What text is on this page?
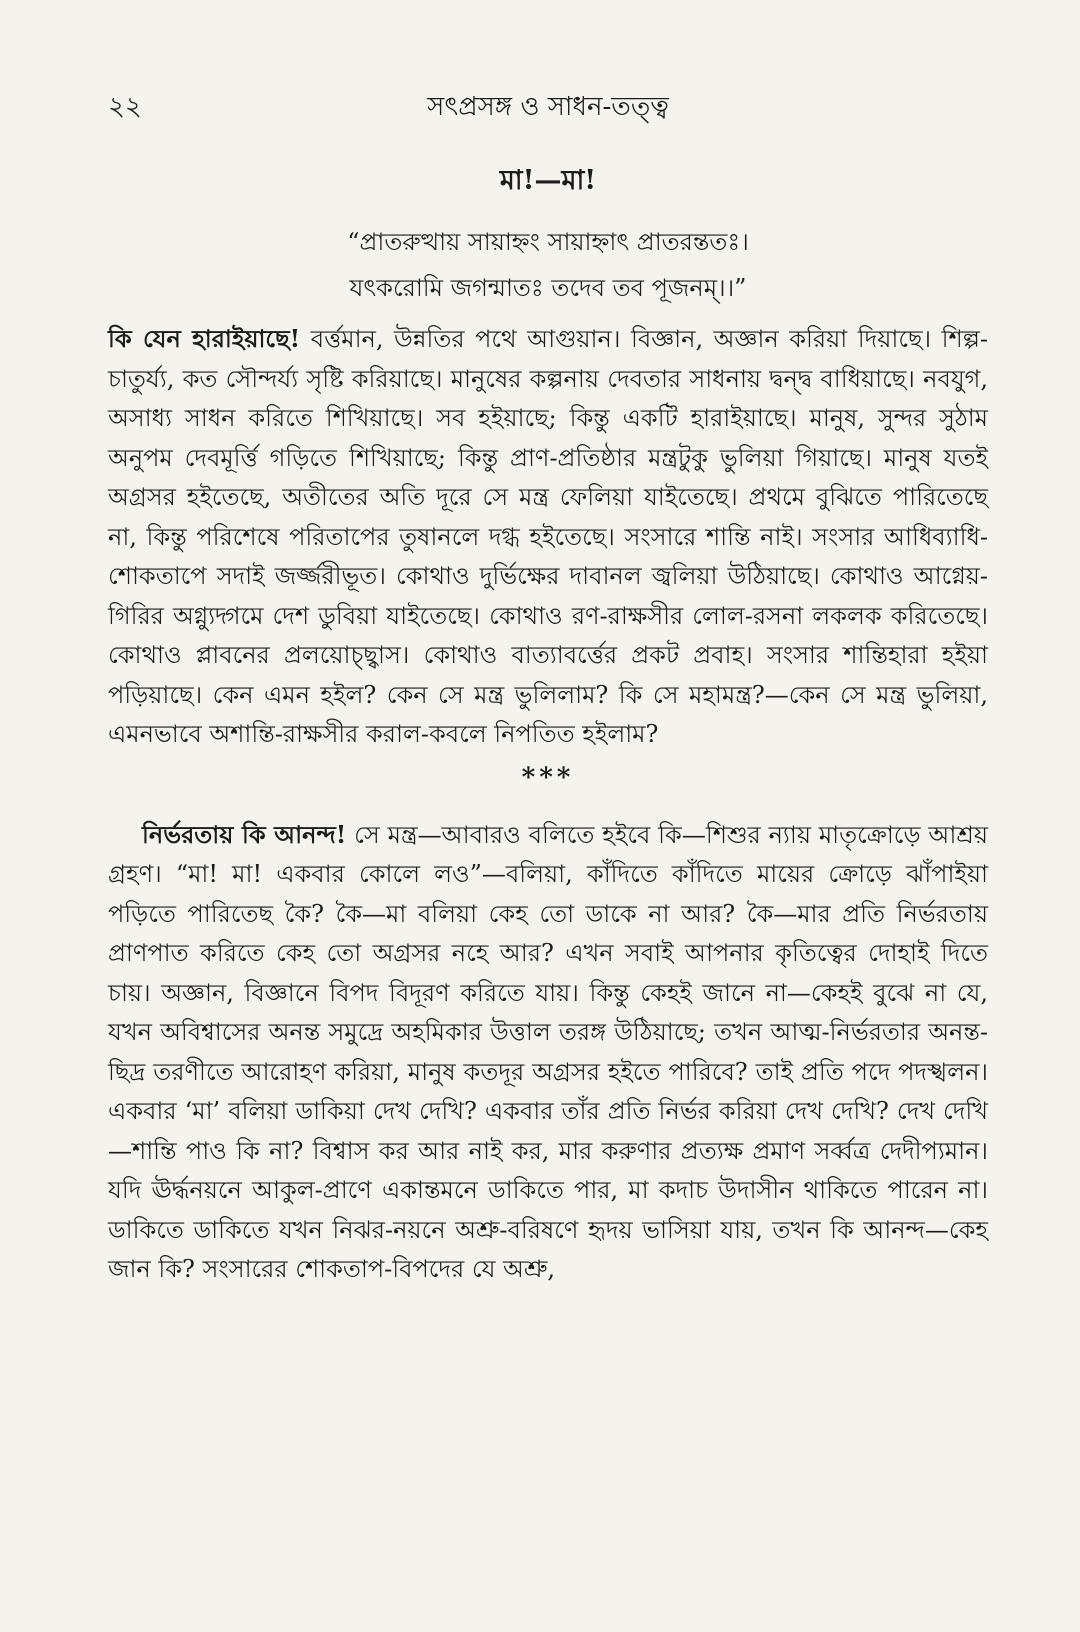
২২	সৎপ্রসঙ্গ ও সাধন-তত্ত্ব
মা!—মা!
“প্রাতরুত্থায় সায়াহ্নং সায়াহ্নাৎ প্রাতরন্ততঃ।
যৎকরোমি জগন্মাতঃ তদেব তব পূজনম্।।”

কি যেন হারাইয়াছে! বর্ত্তমান, উন্নতির পথে আগুয়ান। বিজ্ঞান, অজ্ঞান করিয়া দিয়াছে। শিল্প-চাতুর্য্য, কত সৌন্দর্য্য সৃষ্টি করিয়াছে। মানুষের কল্পনায় দেবতার সাধনায় দ্বন্দ্ব বাধিয়াছে। নবযুগ, অসাধ্য সাধন করিতে শিখিয়াছে। সব হইয়াছে; কিন্তু একটি হারাইয়াছে। মানুষ, সুন্দর সুঠাম অনুপম দেবমূর্ত্তি গড়িতে শিখিয়াছে; কিন্তু প্রাণ-প্রতিষ্ঠার মন্ত্রটুকু ভুলিয়া গিয়াছে। মানুষ যতই অগ্রসর হইতেছে, অতীতের অতি দূরে সে মন্ত্র ফেলিয়া যাইতেছে। প্রথমে বুঝিতে পারিতেছে না, কিন্তু পরিশেষে পরিতাপের তুষানলে দগ্ধ হইতেছে। সংসারে শান্তি নাই। সংসার আধিব্যাধি-শোকতাপে সদাই জর্জ্জরীভূত। কোথাও দুর্ভিক্ষের দাবানল জ্বলিয়া উঠিয়াছে। কোথাও আগ্নেয়-গিরির অগ্ন্যুদ্গমে দেশ ডুবিয়া যাইতেছে। কোথাও রণ-রাক্ষসীর লোল-রসনা লকলক করিতেছে। কোথাও প্লাবনের প্রলয়োচ্ছ্বাস। কোথাও বাত্যাবর্ত্তের প্রকট প্রবাহ। সংসার শান্তিহারা হইয়া পড়িয়াছে। কেন এমন হইল? কেন সে মন্ত্র ভুলিলাম? কি সে মহামন্ত্র?—কেন সে মন্ত্র ভুলিয়া, এমনভাবে অশান্তি-রাক্ষসীর করাল-কবলে নিপতিত হইলাম?

***

নির্ভরতায় কি আনন্দ! সে মন্ত্র—আবারও বলিতে হইবে কি—শিশুর ন্যায় মাতৃক্রোড়ে আশ্রয় গ্রহণ। “মা! মা! একবার কোলে লও”—বলিয়া, কাঁদিতে কাঁদিতে মায়ের ক্রোড়ে ঝাঁপাইয়া পড়িতে পারিতেছ কৈ? কৈ—মা বলিয়া কেহ তো ডাকে না আর? কৈ—মার প্রতি নির্ভরতায় প্রাণপাত করিতে কেহ তো অগ্রসর নহে আর? এখন সবাই আপনার কৃতিত্বের দোহাই দিতে চায়। অজ্ঞান, বিজ্ঞানে বিপদ বিদূরণ করিতে যায়। কিন্তু কেহই জানে না—কেহই বুঝে না যে, যখন অবিশ্বাসের অনন্ত সমুদ্রে অহমিকার উত্তাল তরঙ্গ উঠিয়াছে; তখন আত্ম-নির্ভরতার অনন্ত-ছিদ্র তরণীতে আরোহণ করিয়া, মানুষ কতদূর অগ্রসর হইতে পারিবে? তাই প্রতি পদে পদস্খলন। একবার ‘মা’ বলিয়া ডাকিয়া দেখ দেখি? একবার তাঁর প্রতি নির্ভর করিয়া দেখ দেখি? দেখ দেখি—শান্তি পাও কি না? বিশ্বাস কর আর নাই কর, মার করুণার প্রত্যক্ষ প্রমাণ সর্ব্বত্র দেদীপ্যমান। যদি ঊর্দ্ধনয়নে আকুল-প্রাণে একান্তমনে ডাকিতে পার, মা কদাচ উদাসীন থাকিতে পারেন না। ডাকিতে ডাকিতে যখন নিঝর-নয়নে অশ্রু-বরিষণে হৃদয় ভাসিয়া যায়, তখন কি আনন্দ—কেহ জান কি? সংসারের শোকতাপ-বিপদের যে অশ্রু,
